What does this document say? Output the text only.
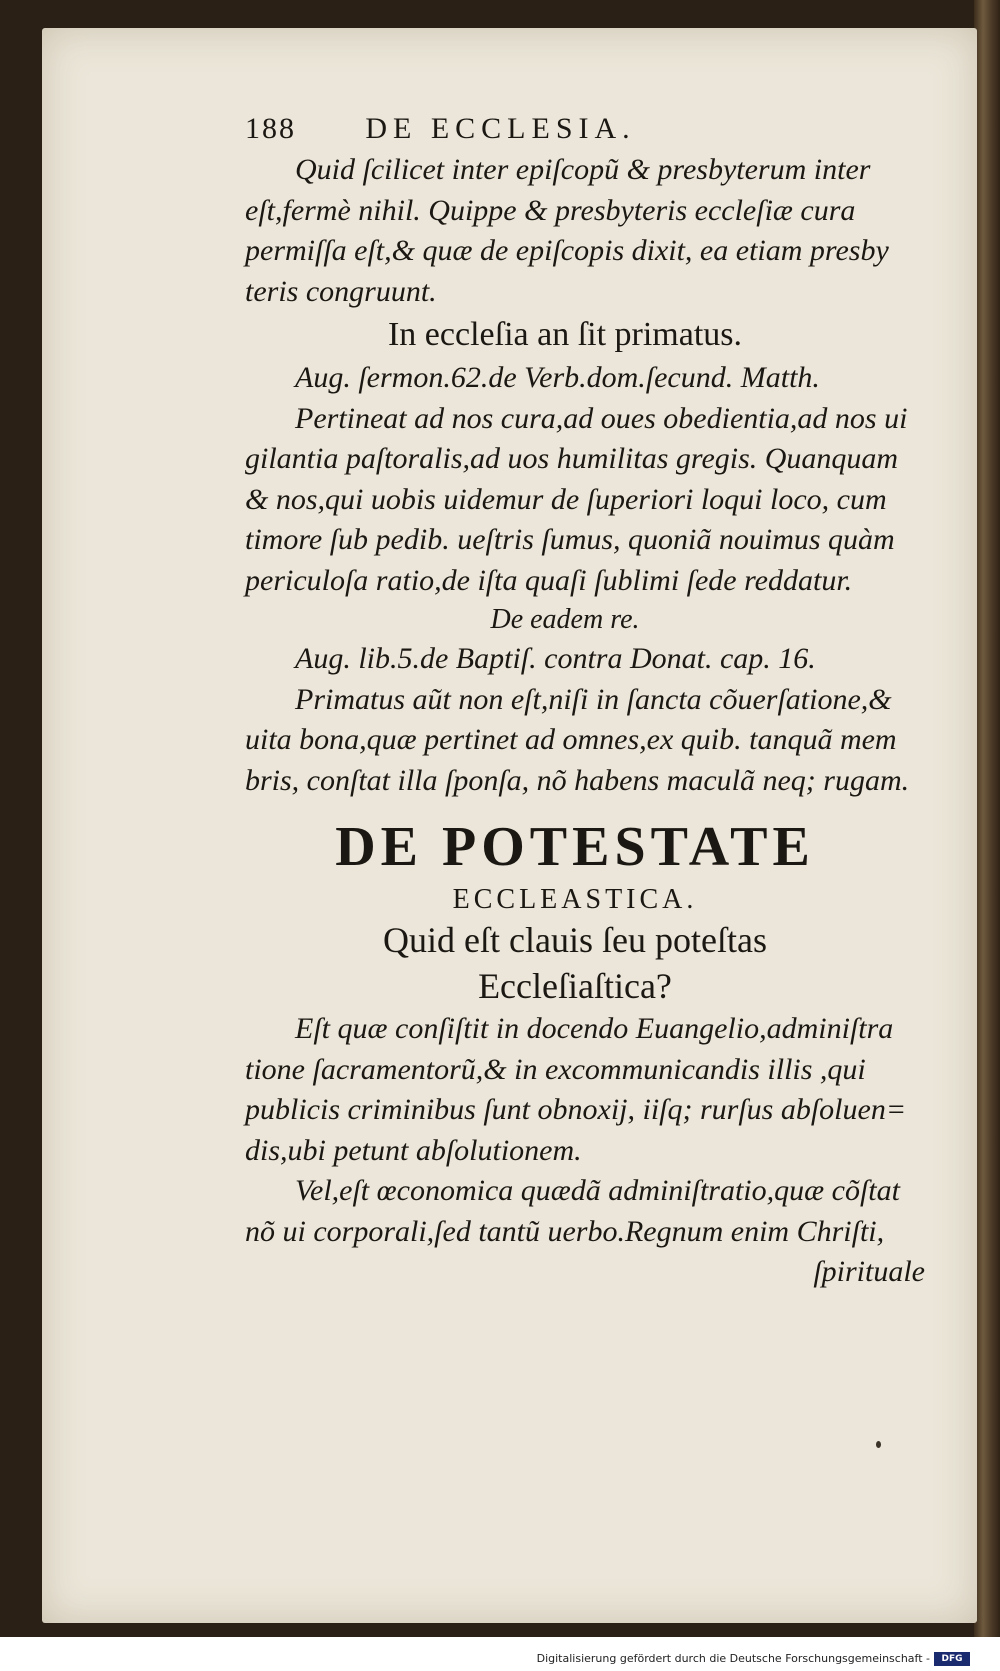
188 DE ECCLESIA.
Quid ſcilicet inter epiſcopũ & presbyterum inter
eſt,fermè nihil. Quippe & presbyteris eccleſiæ cura
permiſſa eſt,& quæ de epiſcopis dixit, ea etiam presby
teris congruunt.
In eccleſia an ſit primatus.
Aug. ſermon.62.de Verb.dom.ſecund. Matth.
Pertineat ad nos cura,ad oues obedientia,ad nos ui
gilantia paſtoralis,ad uos humilitas gregis. Quanquam
& nos,qui uobis uidemur de ſuperiori loqui loco, cum
timore ſub pedib. ueſtris ſumus, quoniã nouimus quàm
periculoſa ratio,de iſta quaſi ſublimi ſede reddatur.
De eadem re.
Aug. lib.5.de Baptiſ. contra Donat. cap. 16.
Primatus aũt non eſt,niſi in ſancta cõuerſatione,&
uita bona,quæ pertinet ad omnes,ex quib. tanquã mem
bris, conſtat illa ſponſa, nõ habens maculã neq; rugam.
DE POTESTATE
ECCLEASTICA.
Quid eſt clauis ſeu poteſtas
Eccleſiaſtica?
Eſt quæ conſiſtit in docendo Euangelio,adminiſtra
tione ſacramentorũ,& in excommunicandis illis ,qui
publicis criminibus ſunt obnoxij, iiſq; rurſus abſoluen=
dis,ubi petunt abſolutionem.
Vel,eſt œconomica quædã adminiſtratio,quæ cõſtat
nõ ui corporali,ſed tantũ uerbo.Regnum enim Chriſti,
ſpirituale
Digitalisierung gefördert durch die Deutsche Forschungsgemeinschaft -	DFG
